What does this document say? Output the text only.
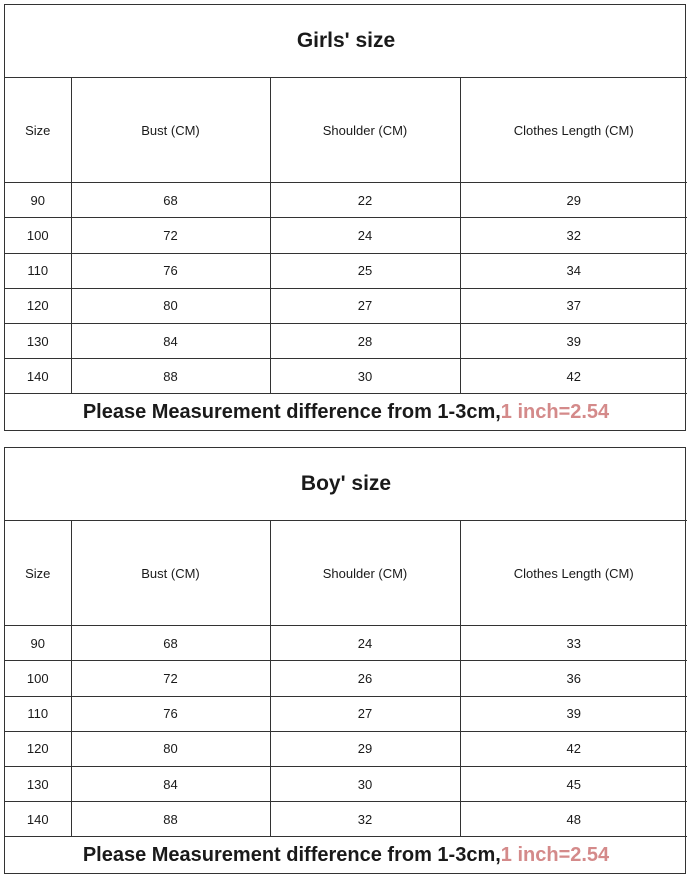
Girls' size			
Size	Bust (CM)	Shoulder (CM)	Clothes Length (CM)
90	68	22	29
100	72	24	32
110	76	25	34
120	80	27	37
130	84	28	39
140	88	30	42
Please Measurement difference from 1-3cm,1 inch=2.54			
Boy' size			
Size	Bust (CM)	Shoulder (CM)	Clothes Length (CM)
90	68	24	33
100	72	26	36
110	76	27	39
120	80	29	42
130	84	30	45
140	88	32	48
Please Measurement difference from 1-3cm,1 inch=2.54			
